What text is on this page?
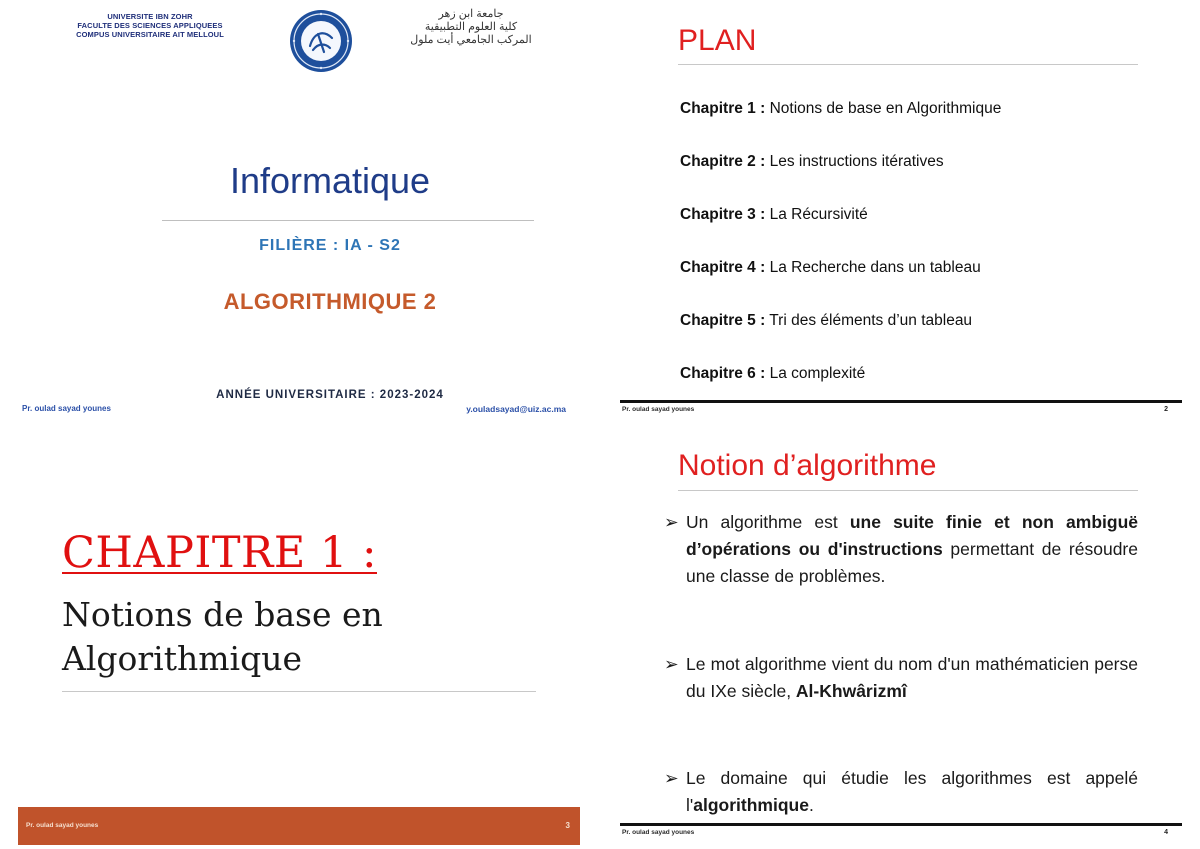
UNIVERSITE IBN ZOHR
FACULTE DES SCIENCES APPLIQUEES
COMPUS UNIVERSITAIRE AIT MELLOUL
جامعة ابن زهر
كلية العلوم التطبيقية
المركب الجامعي أيت ملول
Informatique
FILIÈRE : IA - S2
ALGORITHMIQUE 2
ANNÉE UNIVERSITAIRE : 2023-2024
Pr. oulad sayad younes	y.ouladsayad@uiz.ac.ma
PLAN
Chapitre 1 : Notions de base en Algorithmique
Chapitre 2 : Les instructions itératives
Chapitre 3 : La Récursivité
Chapitre 4 : La Recherche dans un tableau
Chapitre 5 : Tri des éléments d’un tableau
Chapitre 6 : La complexité
Pr. oulad sayad younes	2
CHAPITRE 1 :
Notions de base en
Algorithmique
Pr. oulad sayad younes	3
Notion d’algorithme
➢ Un algorithme est une suite finie et non ambiguë d’opérations ou d'instructions permettant de résoudre une classe de problèmes.
➢ Le mot algorithme vient du nom d'un mathématicien perse du IXe siècle, Al-Khwârizmî
➢ Le domaine qui étudie les algorithmes est appelé l'algorithmique.
Pr. oulad sayad younes	4
